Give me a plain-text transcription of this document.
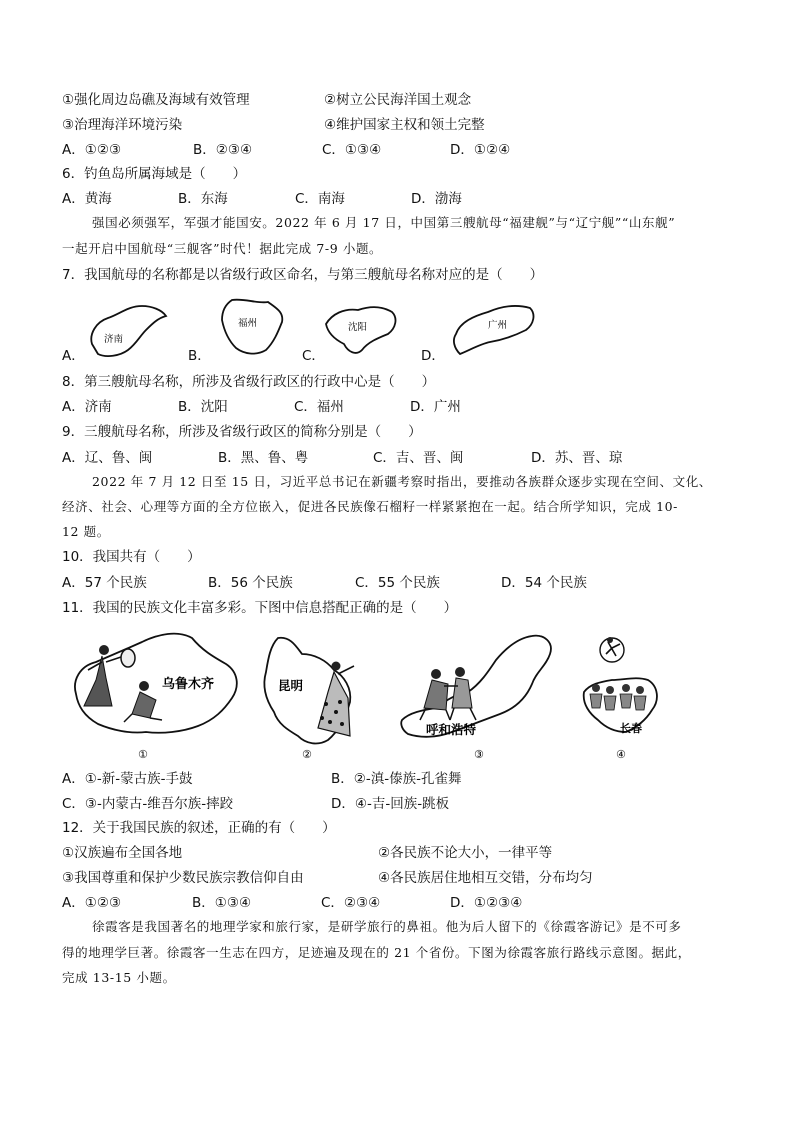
①强化周边岛礁及海域有效管理	②树立公民海洋国土观念
③治理海洋环境污染	④维护国家主权和领土完整
A．①②③	B．②③④	C．①③④	D．①②④
6．钓鱼岛所属海域是（　　）
A．黄海	B．东海	C．南海	D．渤海
强国必须强军，军强才能国安。2022 年 6 月 17 日，中国第三艘航母“福建舰”与“辽宁舰”“山东舰”
一起开启中国航母“三舰客”时代！据此完成 7-9 小题。
7．我国航母的名称都是以省级行政区命名，与第三艘航母名称对应的是（　　）
A．	B．	C．	D．
济南
福州	沈阳	广州
8．第三艘航母名称，所涉及省级行政区的行政中心是（　　）
A．济南	B．沈阳	C．福州	D．广州
9．三艘航母名称，所涉及省级行政区的简称分别是（　　）
A．辽、鲁、闽	B．黑、鲁、粤	C．吉、晋、闽	D．苏、晋、琼
2022 年 7 月 12 日至 15 日，习近平总书记在新疆考察时指出，要推动各族群众逐步实现在空间、文化、
经济、社会、心理等方面的全方位嵌入，促进各民族像石榴籽一样紧紧抱在一起。结合所学知识，完成 10-
12 题。
10．我国共有（　　）
A．57 个民族	B．56 个民族	C．55 个民族	D．54 个民族
11．我国的民族文化丰富多彩。下图中信息搭配正确的是（　　）
乌鲁木齐
①
昆明
②
呼和浩特
③
长春
④
A．①-新-蒙古族-手鼓	B．②-滇-傣族-孔雀舞
C．③-内蒙古-维吾尔族-摔跤	D．④-吉-回族-跳板
12．关于我国民族的叙述，正确的有（　　）
①汉族遍布全国各地	②各民族不论大小，一律平等
③我国尊重和保护少数民族宗教信仰自由	④各民族居住地相互交错，分布均匀
A．①②③	B．①③④	C．②③④	D．①②③④
徐霞客是我国著名的地理学家和旅行家，是研学旅行的鼻祖。他为后人留下的《徐霞客游记》是不可多
得的地理学巨著。徐霞客一生志在四方，足迹遍及现在的 21 个省份。下图为徐霞客旅行路线示意图。据此，
完成 13-15 小题。
